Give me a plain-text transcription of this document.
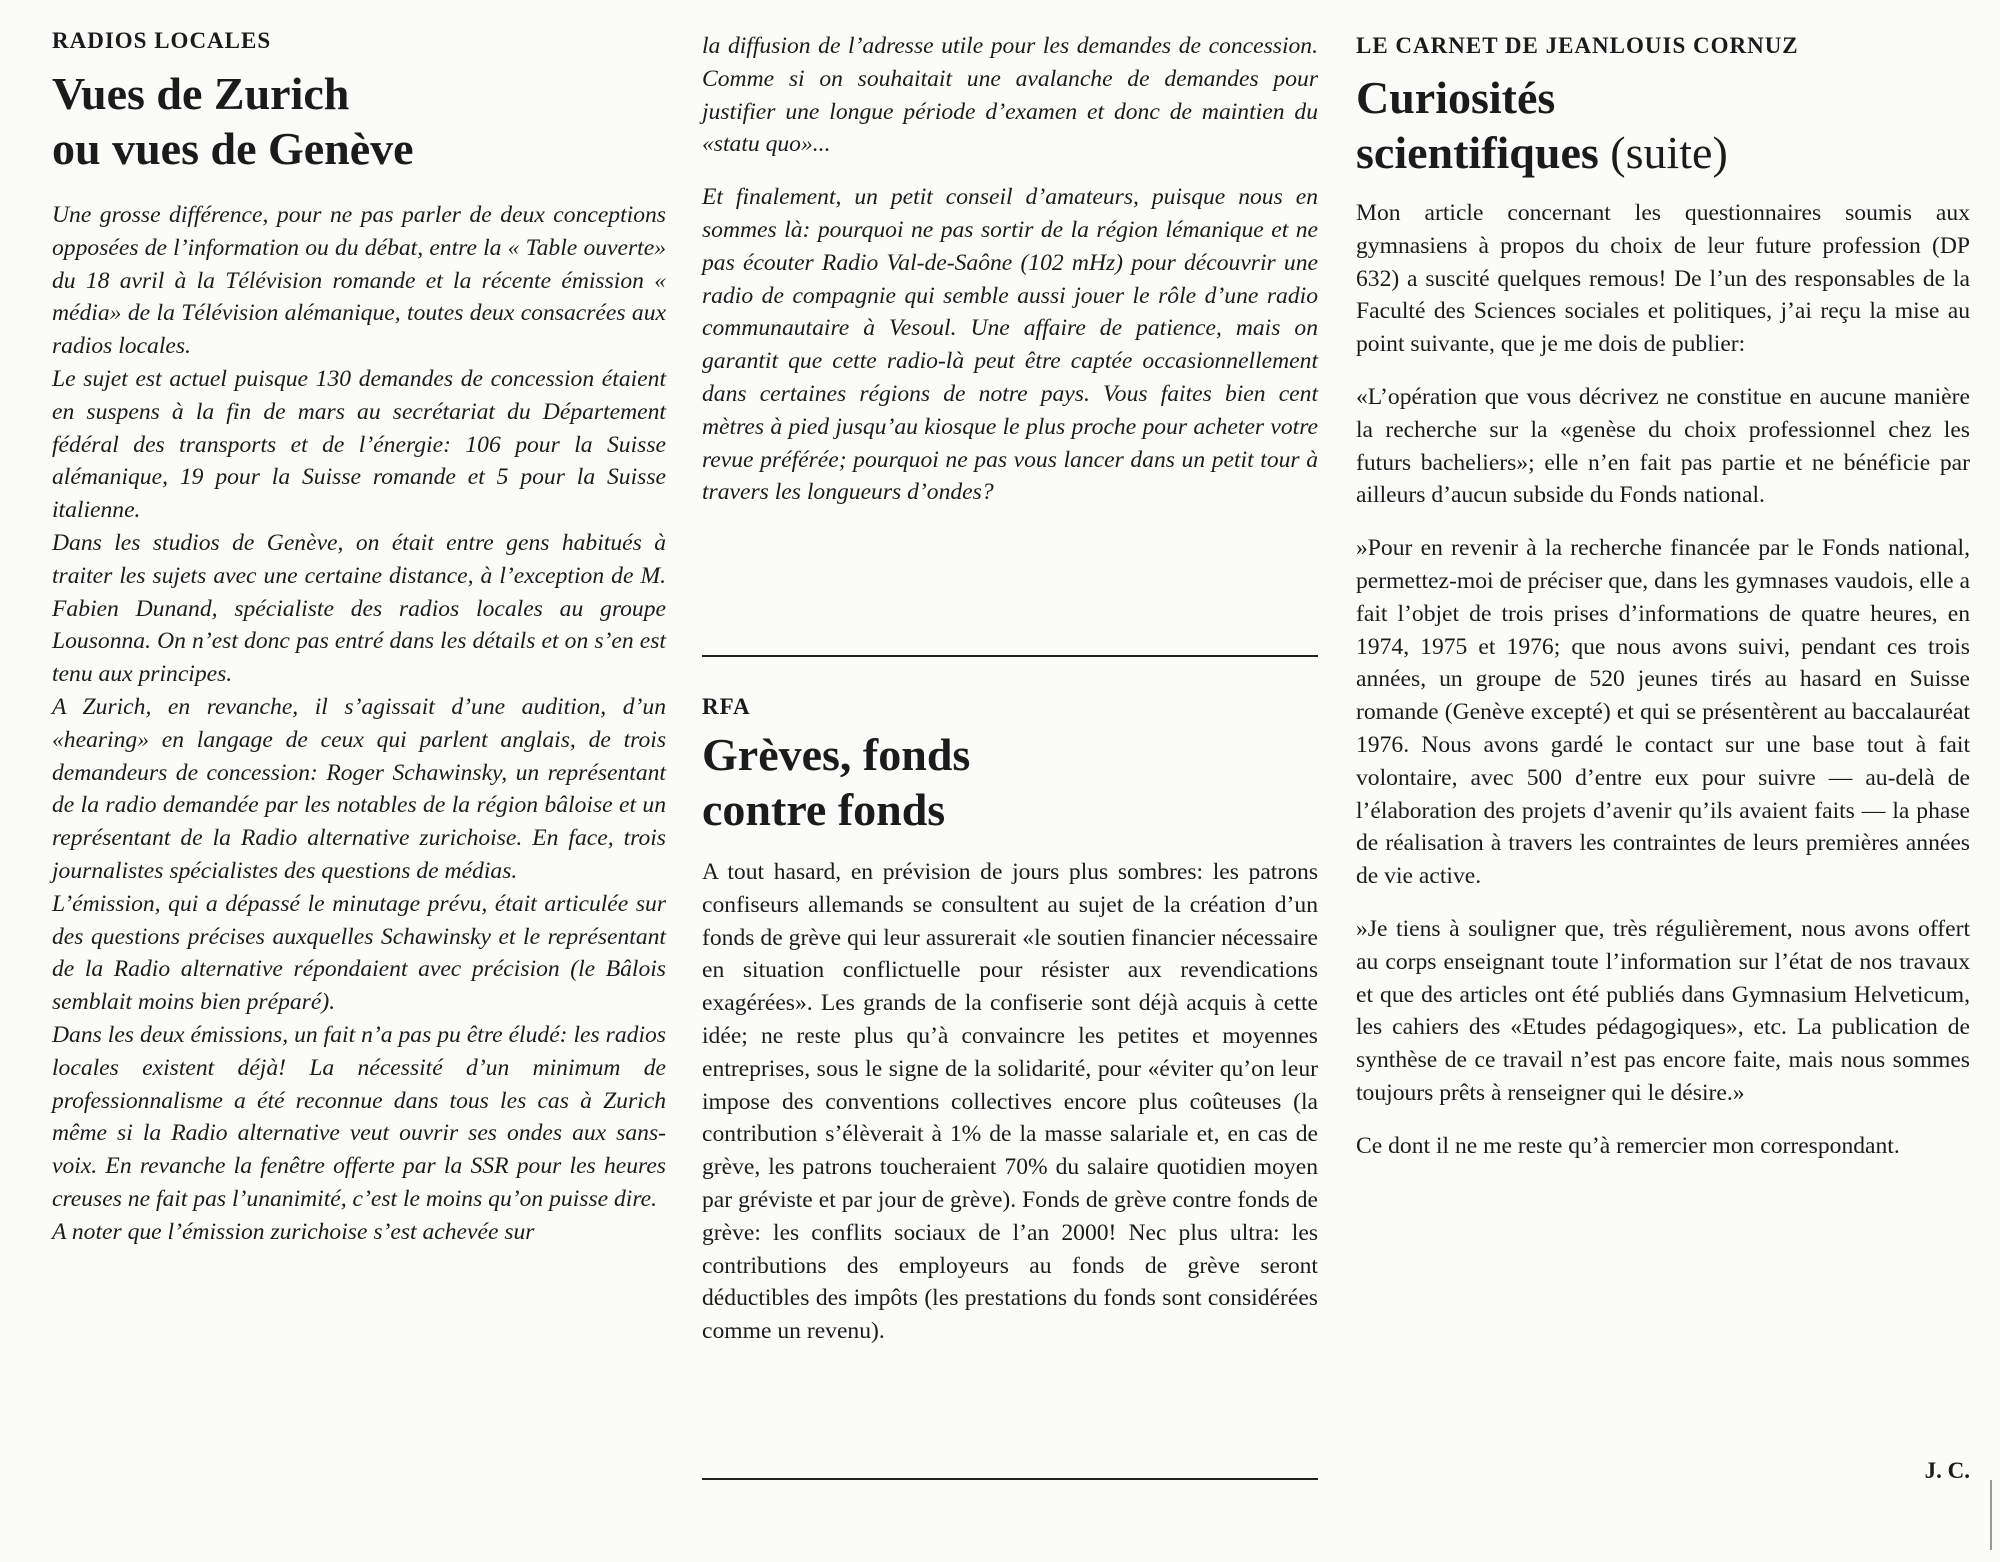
RADIOS LOCALES
Vues de Zurich
ou vues de Genève

Une grosse différence, pour ne pas parler de deux conceptions opposées de l’information ou du débat, entre la « Table ouverte» du 18 avril à la Télévision romande et la récente émission « média» de la Télévision alémanique, toutes deux consacrées aux radios locales.

Le sujet est actuel puisque 130 demandes de concession étaient en suspens à la fin de mars au secrétariat du Département fédéral des transports et de l’énergie: 106 pour la Suisse alémanique, 19 pour la Suisse romande et 5 pour la Suisse italienne.

Dans les studios de Genève, on était entre gens habitués à traiter les sujets avec une certaine distance, à l’exception de M. Fabien Dunand, spécialiste des radios locales au groupe Lousonna. On n’est donc pas entré dans les détails et on s’en est tenu aux principes.

A Zurich, en revanche, il s’agissait d’une audition, d’un «hearing» en langage de ceux qui parlent anglais, de trois demandeurs de concession: Roger Schawinsky, un représentant de la radio demandée par les notables de la région bâloise et un représentant de la Radio alternative zurichoise. En face, trois journalistes spécialistes des questions de médias.

L’émission, qui a dépassé le minutage prévu, était articulée sur des questions précises auxquelles Schawinsky et le représentant de la Radio alternative répondaient avec précision (le Bâlois semblait moins bien préparé).

Dans les deux émissions, un fait n’a pas pu être éludé: les radios locales existent déjà! La nécessité d’un minimum de professionnalisme a été reconnue dans tous les cas à Zurich même si la Radio alternative veut ouvrir ses ondes aux sans-voix. En revanche la fenêtre offerte par la SSR pour les heures creuses ne fait pas l’unanimité, c’est le moins qu’on puisse dire.

A noter que l’émission zurichoise s’est achevée sur

la diffusion de l’adresse utile pour les demandes de concession. Comme si on souhaitait une avalanche de demandes pour justifier une longue période d’examen et donc de maintien du «statu quo»...

Et finalement, un petit conseil d’amateurs, puisque nous en sommes là: pourquoi ne pas sortir de la région lémanique et ne pas écouter Radio Val-de-Saône (102 mHz) pour découvrir une radio de compagnie qui semble aussi jouer le rôle d’une radio communautaire à Vesoul. Une affaire de patience, mais on garantit que cette radio-là peut être captée occasionnellement dans certaines régions de notre pays. Vous faites bien cent mètres à pied jusqu’au kiosque le plus proche pour acheter votre revue préférée; pourquoi ne pas vous lancer dans un petit tour à travers les longueurs d’ondes?

RFA
Grèves, fonds
contre fonds

A tout hasard, en prévision de jours plus sombres: les patrons confiseurs allemands se consultent au sujet de la création d’un fonds de grève qui leur assurerait «le soutien financier nécessaire en situation conflictuelle pour résister aux revendications exagérées». Les grands de la confiserie sont déjà acquis à cette idée; ne reste plus qu’à convaincre les petites et moyennes entreprises, sous le signe de la solidarité, pour «éviter qu’on leur impose des conventions collectives encore plus coûteuses (la contribution s’élèverait à 1% de la masse salariale et, en cas de grève, les patrons toucheraient 70% du salaire quotidien moyen par gréviste et par jour de grève). Fonds de grève contre fonds de grève: les conflits sociaux de l’an 2000! Nec plus ultra: les contributions des employeurs au fonds de grève seront déductibles des impôts (les prestations du fonds sont considérées comme un revenu).

LE CARNET DE JEANLOUIS CORNUZ
Curiosités
scientifiques (suite)

Mon article concernant les questionnaires soumis aux gymnasiens à propos du choix de leur future profession (DP 632) a suscité quelques remous! De l’un des responsables de la Faculté des Sciences sociales et politiques, j’ai reçu la mise au point suivante, que je me dois de publier:

«L’opération que vous décrivez ne constitue en aucune manière la recherche sur la «genèse du choix professionnel chez les futurs bacheliers»; elle n’en fait pas partie et ne bénéficie par ailleurs d’aucun subside du Fonds national.

»Pour en revenir à la recherche financée par le Fonds national, permettez-moi de préciser que, dans les gymnases vaudois, elle a fait l’objet de trois prises d’informations de quatre heures, en 1974, 1975 et 1976; que nous avons suivi, pendant ces trois années, un groupe de 520 jeunes tirés au hasard en Suisse romande (Genève excepté) et qui se présentèrent au baccalauréat 1976. Nous avons gardé le contact sur une base tout à fait volontaire, avec 500 d’entre eux pour suivre — au-delà de l’élaboration des projets d’avenir qu’ils avaient faits — la phase de réalisation à travers les contraintes de leurs premières années de vie active.

»Je tiens à souligner que, très régulièrement, nous avons offert au corps enseignant toute l’information sur l’état de nos travaux et que des articles ont été publiés dans Gymnasium Helveticum, les cahiers des «Etudes pédagogiques», etc. La publication de synthèse de ce travail n’est pas encore faite, mais nous sommes toujours prêts à renseigner qui le désire.»

Ce dont il ne me reste qu’à remercier mon correspondant.

J. C.
